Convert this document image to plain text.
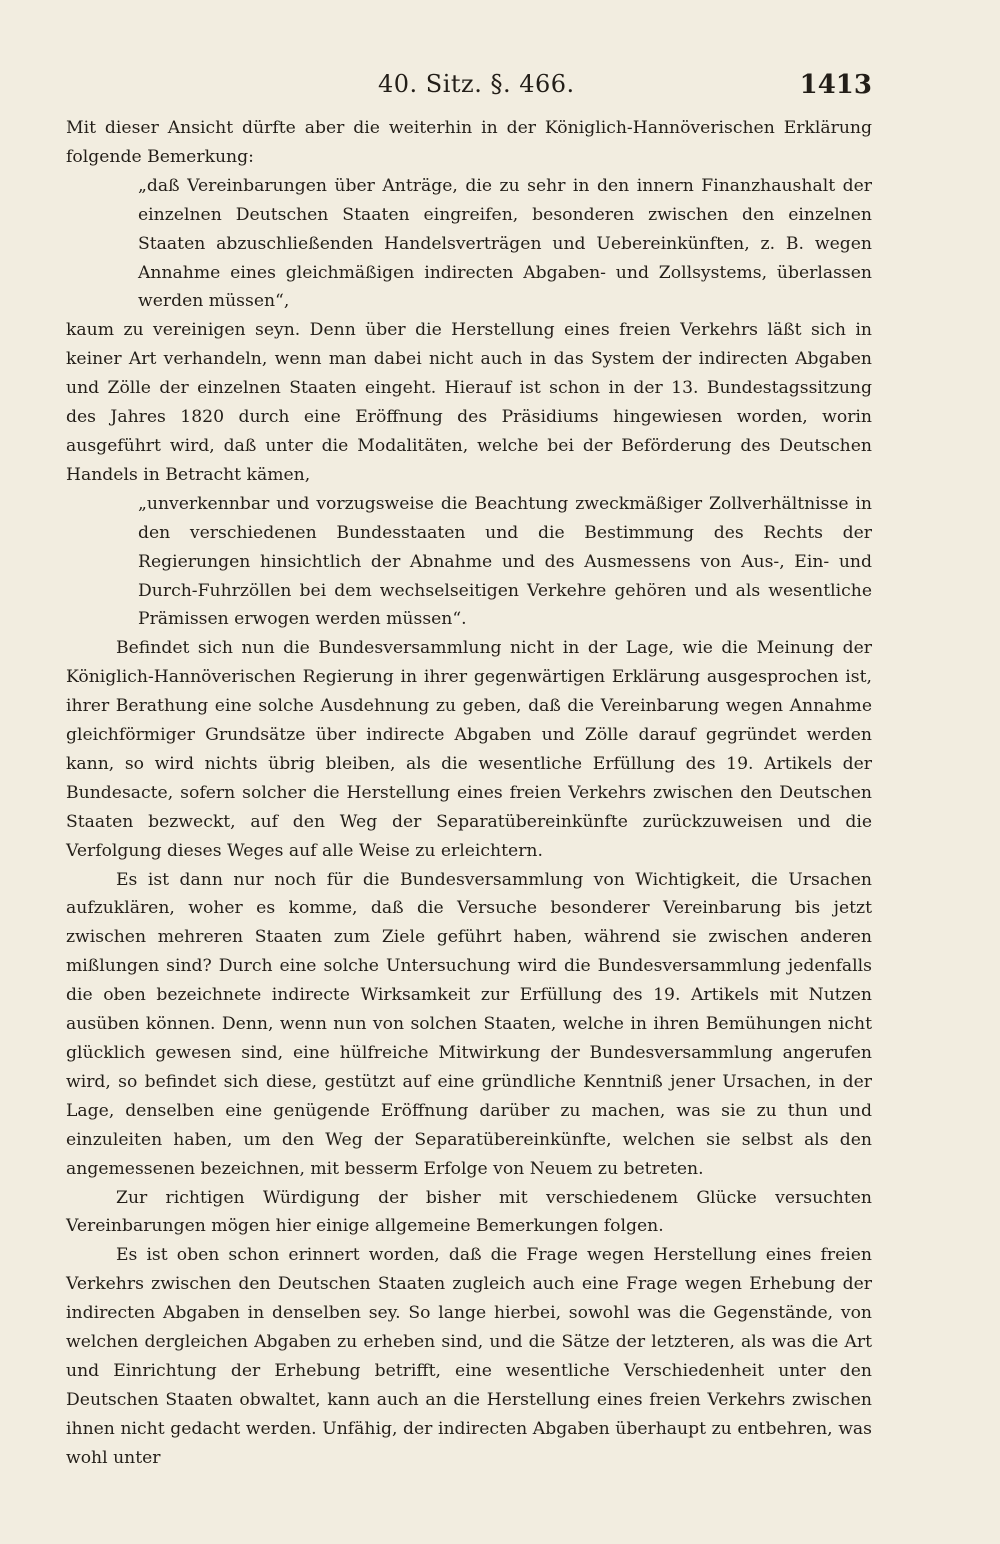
40. Sitz. §. 466.	1413

Mit dieser Ansicht dürfte aber die weiterhin in der Königlich-Hannöverischen Erklärung folgende Bemerkung:

„daß Vereinbarungen über Anträge, die zu sehr in den innern Finanzhaushalt der einzelnen Deutschen Staaten eingreifen, besonderen zwischen den einzelnen Staaten abzuschließenden Handelsverträgen und Uebereinkünften, z. B. wegen Annahme eines gleichmäßigen indirecten Abgaben- und Zollsystems, überlassen werden müssen“,

kaum zu vereinigen seyn. Denn über die Herstellung eines freien Verkehrs läßt sich in keiner Art verhandeln, wenn man dabei nicht auch in das System der indirecten Abgaben und Zölle der einzelnen Staaten eingeht. Hierauf ist schon in der 13. Bundestagssitzung des Jahres 1820 durch eine Eröffnung des Präsidiums hingewiesen worden, worin ausgeführt wird, daß unter die Modalitäten, welche bei der Beförderung des Deutschen Handels in Betracht kämen,

„unverkennbar und vorzugsweise die Beachtung zweckmäßiger Zollverhältnisse in den verschiedenen Bundesstaaten und die Bestimmung des Rechts der Regierungen hinsichtlich der Abnahme und des Ausmessens von Aus-, Ein- und Durch-Fuhrzöllen bei dem wechselseitigen Verkehre gehören und als wesentliche Prämissen erwogen werden müssen“.

Befindet sich nun die Bundesversammlung nicht in der Lage, wie die Meinung der Königlich-Hannöverischen Regierung in ihrer gegenwärtigen Erklärung ausgesprochen ist, ihrer Berathung eine solche Ausdehnung zu geben, daß die Vereinbarung wegen Annahme gleichförmiger Grundsätze über indirecte Abgaben und Zölle darauf gegründet werden kann, so wird nichts übrig bleiben, als die wesentliche Erfüllung des 19. Artikels der Bundesacte, sofern solcher die Herstellung eines freien Verkehrs zwischen den Deutschen Staaten bezweckt, auf den Weg der Separatübereinkünfte zurückzuweisen und die Verfolgung dieses Weges auf alle Weise zu erleichtern.

Es ist dann nur noch für die Bundesversammlung von Wichtigkeit, die Ursachen aufzuklären, woher es komme, daß die Versuche besonderer Vereinbarung bis jetzt zwischen mehreren Staaten zum Ziele geführt haben, während sie zwischen anderen mißlungen sind? Durch eine solche Untersuchung wird die Bundesversammlung jedenfalls die oben bezeichnete indirecte Wirksamkeit zur Erfüllung des 19. Artikels mit Nutzen ausüben können. Denn, wenn nun von solchen Staaten, welche in ihren Bemühungen nicht glücklich gewesen sind, eine hülfreiche Mitwirkung der Bundesversammlung angerufen wird, so befindet sich diese, gestützt auf eine gründliche Kenntniß jener Ursachen, in der Lage, denselben eine genügende Eröffnung darüber zu machen, was sie zu thun und einzuleiten haben, um den Weg der Separatübereinkünfte, welchen sie selbst als den angemessenen bezeichnen, mit besserm Erfolge von Neuem zu betreten.

Zur richtigen Würdigung der bisher mit verschiedenem Glücke versuchten Vereinbarungen mögen hier einige allgemeine Bemerkungen folgen.

Es ist oben schon erinnert worden, daß die Frage wegen Herstellung eines freien Verkehrs zwischen den Deutschen Staaten zugleich auch eine Frage wegen Erhebung der indirecten Abgaben in denselben sey. So lange hierbei, sowohl was die Gegenstände, von welchen dergleichen Abgaben zu erheben sind, und die Sätze der letzteren, als was die Art und Einrichtung der Erhebung betrifft, eine wesentliche Verschiedenheit unter den Deutschen Staaten obwaltet, kann auch an die Herstellung eines freien Verkehrs zwischen ihnen nicht gedacht werden. Unfähig, der indirecten Abgaben überhaupt zu entbehren, was wohl unter
